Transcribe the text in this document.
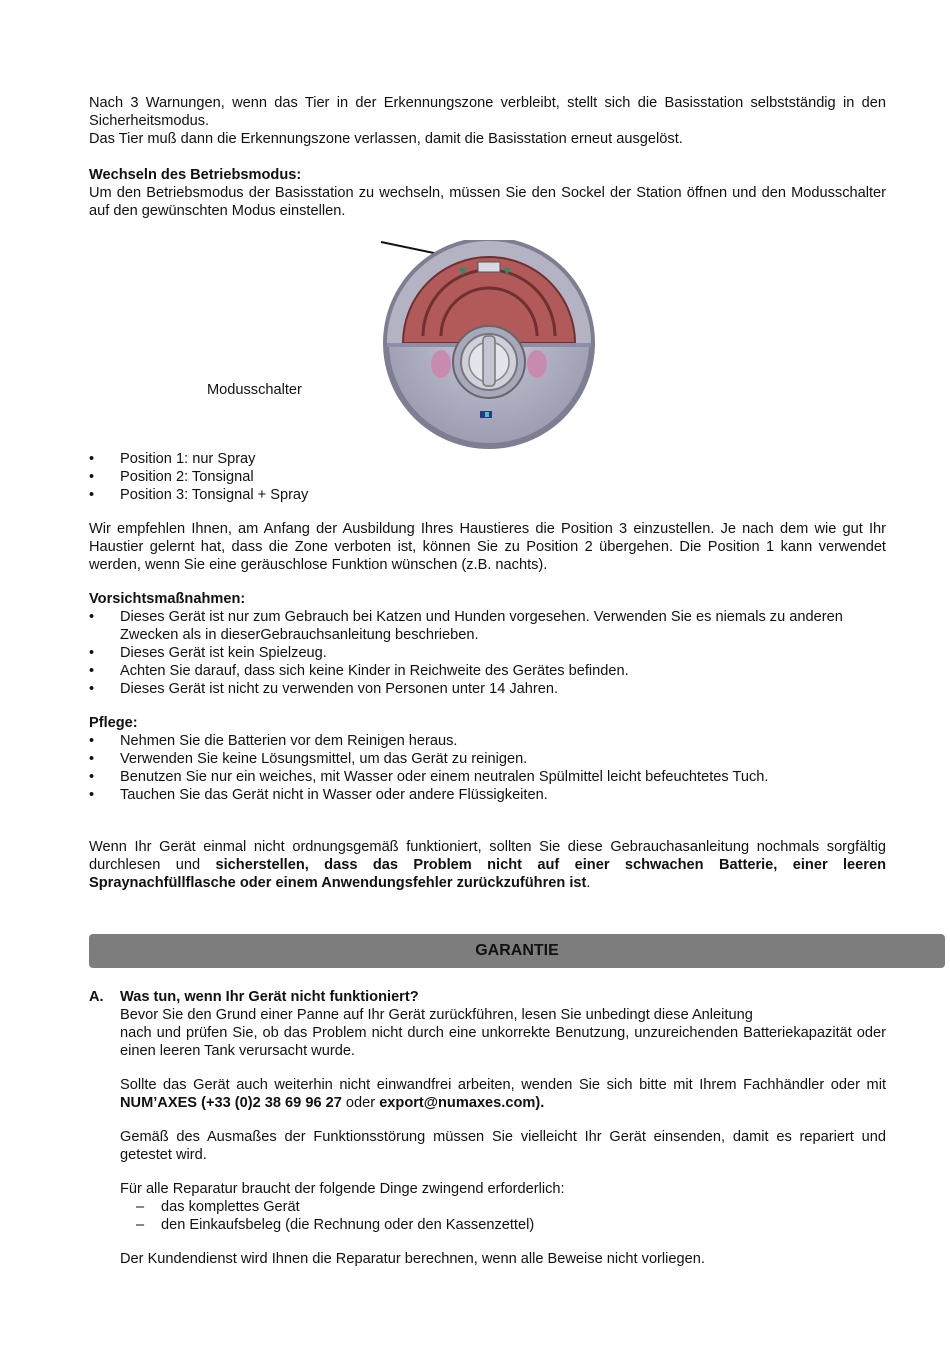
Nach 3 Warnungen, wenn das Tier in der Erkennungszone verbleibt, stellt sich die Basisstation selbstständig in den Sicherheitsmodus.

Das Tier muß dann die Erkennungszone verlassen, damit die Basisstation erneut ausgelöst.

Wechseln des Betriebsmodus:

Um den Betriebsmodus der Basisstation zu wechseln, müssen Sie den Sockel der Station öffnen und den Modusschalter auf den gewünschten Modus einstellen.

Modusschalter
• Position 1: nur Spray
• Position 2: Tonsignal
• Position 3: Tonsignal + Spray

Wir empfehlen Ihnen, am Anfang der Ausbildung Ihres Haustieres die Position 3 einzustellen. Je nach dem wie gut Ihr Haustier gelernt hat, dass die Zone verboten ist, können Sie zu Position 2 übergehen. Die Position 1 kann verwendet werden, wenn Sie eine geräuschlose Funktion wünschen (z.B. nachts).

Vorsichtsmaßnahmen:

• Dieses Gerät ist nur zum Gebrauch bei Katzen und Hunden vorgesehen. Verwenden Sie es niemals zu anderen Zwecken als in dieserGebrauchsanleitung beschrieben.
• Dieses Gerät ist kein Spielzeug.
• Achten Sie darauf, dass sich keine Kinder in Reichweite des Gerätes befinden.
• Dieses Gerät ist nicht zu verwenden von Personen unter 14 Jahren.

Pflege:

• Nehmen Sie die Batterien vor dem Reinigen heraus.
• Verwenden Sie keine Lösungsmittel, um das Gerät zu reinigen.
• Benutzen Sie nur ein weiches, mit Wasser oder einem neutralen Spülmittel leicht befeuchtetes Tuch.
• Tauchen Sie das Gerät nicht in Wasser oder andere Flüssigkeiten.

Wenn Ihr Gerät einmal nicht ordnungsgemäß funktioniert, sollten Sie diese Gebrauchasanleitung nochmals sorgfältig durchlesen und sicherstellen, dass das Problem nicht auf einer schwachen Batterie, einer leeren Spraynachfüllflasche oder einem Anwendungsfehler zurückzuführen ist.

GARANTIE
A.	Was tun, wenn Ihr Gerät nicht funktioniert?

Bevor Sie den Grund einer Panne auf Ihr Gerät zurückführen, lesen Sie unbedingt diese Anleitung

nach und prüfen Sie, ob das Problem nicht durch eine unkorrekte Benutzung, unzureichenden Batteriekapazität oder einen leeren Tank verursacht wurde.

Sollte das Gerät auch weiterhin nicht einwandfrei arbeiten, wenden Sie sich bitte mit Ihrem Fachhändler oder mit NUM’AXES (+33 (0)2 38 69 96 27 oder export@numaxes.com).

Gemäß des Ausmaßes der Funktionsstörung müssen Sie vielleicht Ihr Gerät einsenden, damit es repariert und getestet wird.

Für alle Reparatur braucht der folgende Dinge zwingend erforderlich:

– das komplettes Gerät
– den Einkaufsbeleg (die Rechnung oder den Kassenzettel)

Der Kundendienst wird Ihnen die Reparatur berechnen, wenn alle Beweise nicht vorliegen.
